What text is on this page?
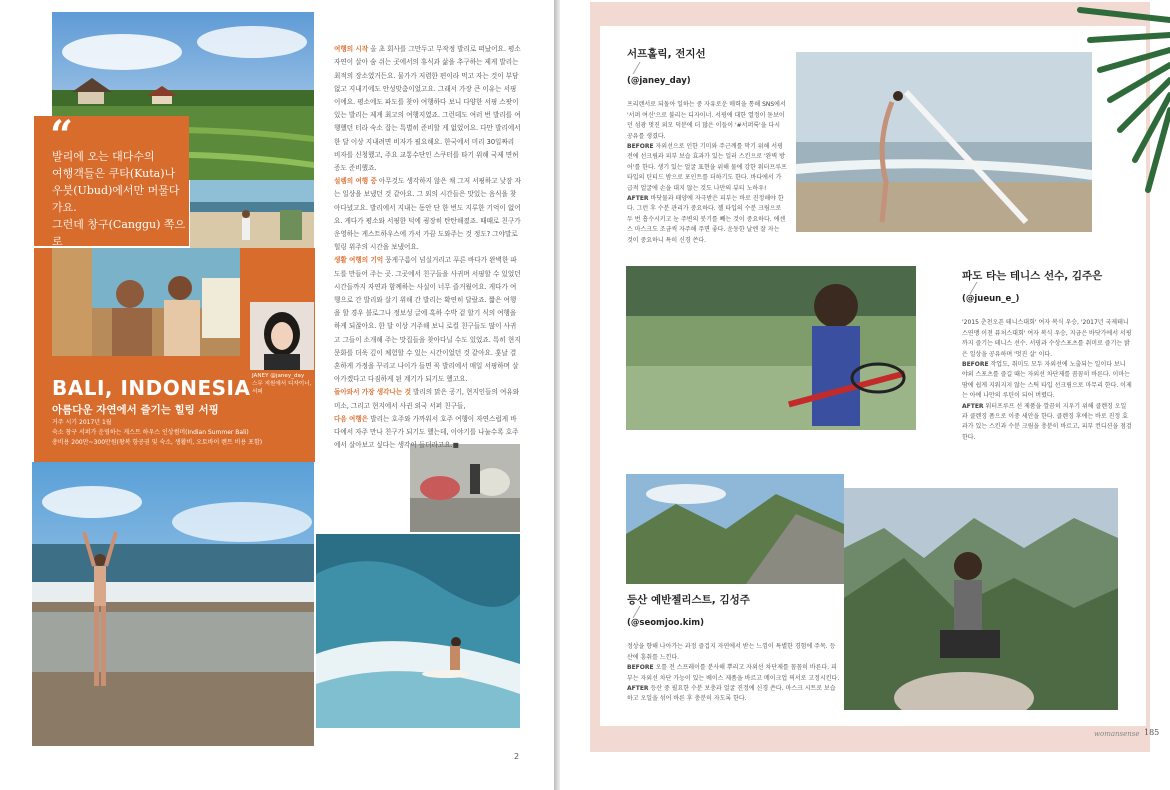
“
발리에 오는 대다수의
여행객들은 쿠타(Kuta)나
우붓(Ubud)에서만 머물다 가요.
그런데 창구(Canggu) 쪽으로

JANEY @janey_day
스무 지원에서 디자이너,
서퍼
BALI, INDONESIA
아름다운 자연에서 즐기는 힐링 서핑
거주 시기 2017년 1월
숙소 창구 서퍼가 운영하는 게스트 하우스 인상썸머(Indian Summer Bali)
총비용 200만~300만원(왕복 항공권 및 숙소, 생활비, 오토바이 렌트 비용 포함)

여행의 시작 올 초 회사를 그만두고 무작정 발리로 떠났어요. 평소 자연이 살아 숨 쉬는 곳에서의 휴식과 삶을 추구하는 제게 발리는 최적의 장소였거든요. 물가가 저렴한 편이라 먹고 자는 것이 부담 없고 지내기에도 안성맞춤이었고요. 그래서 가장 큰 이유는 서핑이에요. 평소에도 파도를 찾아 여행하다 보니 다양한 서핑 스팟이 있는 발리는 제게 최고의 여행지였죠. 그런데도 여러 번 발리를 여행했던 터라 숙소 잡는 특별히 준비할 게 없었어요. 다만 발리에서 한 달 이상 지내려면 비자가 필요해요. 한국에서 미리 30일짜리 비자를 신청했고, 주요 교통수단인 스쿠터를 타기 위해 국제 면허증도 준비했죠.
설렘의 여행 중 아무것도 생각하지 않은 채 그저 서핑하고 낮잠 자는 일상을 보냈던 것 같아요. 그 외의 시간들은 맛있는 음식을 찾아다녔고요. 발리에서 지내는 동안 단 한 번도 지루한 기억이 없어요. 게다가 평소와 서핑한 덕에 굉장히 탄탄해졌죠. 때때로 친구가 운영하는 게스트하우스에 가서 가끔 도와주는 것 정도? 그야말로 힐링 위주의 시간을 보냈어요.
생활 여행의 기억 뭉게구름이 넘실거리고 푸른 바다가 완벽한 파도를 만들어 주는 곳. 그곳에서 친구들을 사귀며 서핑할 수 있었던 시간들까지 자연과 함께하는 사실이 너무 즐거웠어요. 게다가 여행으로 간 발리와 살기 위해 간 발리는 확연히 달랐죠. 짧은 여행을 할 경우 블로그나 정보성 글에 혹하 수박 겉 할기 식의 여행을 하게 되잖아요. 한 달 이상 거주해 보니 로컬 친구들도 많이 사귀고 그들이 소개해 주는 맛집들을 찾아다닐 수도 있었죠. 특히 현지 문화를 더욱 깊이 체험할 수 있는 시간이었던 것 같아요. 훗날 결혼하게 가정을 꾸리고 나이가 들면 꼭 발리에서 매일 서핑하며 살아가겠다고 다짐하게 된 계기가 되기도 했고요.
돌아와서 가장 생각나는 것 발리의 맑은 공기, 현지인들의 여유와 미소, 그리고 현지에서 사귄 외국 서퍼 친구들,
다음 여행은 발리는 호주와 가까워서 호주 여행이 자연스럽게 바다에서 자주 만나 친구가 되기도 했는데, 이야기를 나눌수록 호주에서 살아보고 싶다는 생각이 들더라고요.■

2
서프홀릭, 전지선
(@janey_day)

프리랜서로 되돌아 일하는 중 자유로운 매력을 통해 SNS에서 '서퍼 여신'으로 불리는 디자이너. 서핑에 대한 열정이 돋보이던 섬광 멋진 외모 덕분에 더 많은 이들이 '#서퍼룩'을 다시 공유를 생겼다.
BEFORE 자외선으로 인한 기미와 주근깨를 막기 위해 서핑 전에 선크림과 피부 보습 효과가 있는 일러 스킨으로 '완벽 방어'를 한다. 생기 있는 얼굴 표현을 위해 물에 강한 워터프루프 타입의 틴티드 밤으로 포인트를 더하기도 한다. 바다에서 가급적 얼굴에 손을 대지 않는 것도 나만의 뷰티 노하우!
AFTER 바닷물과 태양에 자극받은 피부는 바로 진정해야 한다. 그런 후 수분 관리가 중요하다. 젤 타입의 수분 크림으로 두 번 흡수시키고 눈 주변의 붓기를 빼는 것이 중요하다. 에센스 마스크도 조금씩 자주해 주면 좋다. 운동한 날엔 잘 자는 것이 중요하니 특히 신경 쓴다.

파도 타는 테니스 선수, 김주은
(@jueun_e_)

'2015 춘천오픈 테니스대회' 여자 복식 우승, '2017년 국제테니스연맹 이천 퓨처스대회' 여자 복식 우승, 지금은 바닷가에서 서핑까지 즐기는 테니스 선수. 서핑과 수상스포츠를 취미로 즐기는 밝은 일상을 공유하며 '멋진 살' 이다.
BEFORE 작업도, 취미도 모두 자외선에 노출되는 일이다 보니 야외 스포츠를 즐길 때는 자외선 차단제를 꼼꼼히 바른다. 이마는 땀에 쉽게 지워지지 않는 스틱 타입 선크림으로 마무리 한다. 이제는 아예 나만의 루틴이 되어 버렸다.
AFTER 워터프루프 선 제품을 깔끔히 지우기 위해 클렌징 오일과 클렌징 폼으로 이중 세안을 한다. 클렌징 후에는 바로 진정 효과가 있는 스킨과 수분 크림을 충분히 바르고, 피부 컨디션을 점검한다.

등산 예반젤리스트, 김성주
(@seomjoo.kim)

정상을 향해 나아가는 과정 즐겁지 자연에서 받는 느낌이 특별한 경험에 주목. 등산에 흥취를 느낀다.
BEFORE 오를 전 스프레이를 분사해 뿌리고 자외선 차단제를 꼼꼼히 바른다. 피부는 자외선 차단 가능이 있는 베이스 제품을 바르고 메이크업 픽서로 고정시킨다.
AFTER 등산 중 필요한 수분 보충과 얼굴 진정에 신경 쓴다. 마스크 시트로 보습하고 오일을 섞어 바른 후 충분히 자도록 한다.

womansense 185
